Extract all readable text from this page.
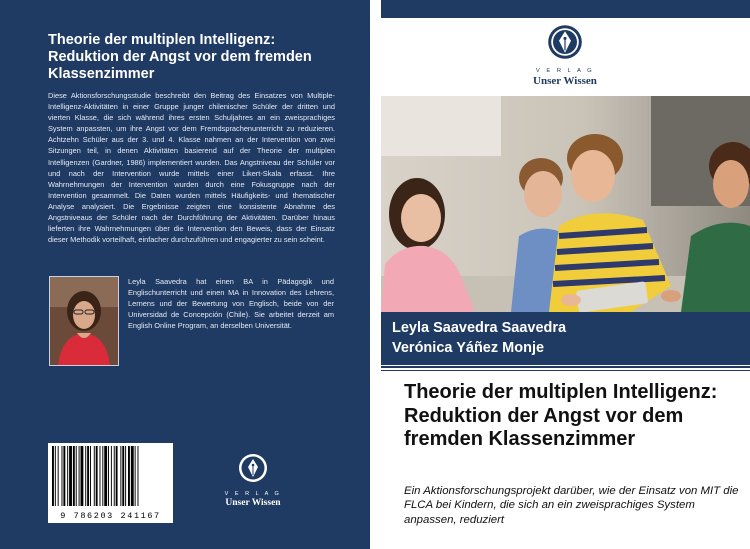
Theorie der multiplen Intelligenz: Reduktion der Angst vor dem fremden Klassenzimmer
Diese Aktionsforschungsstudie beschreibt den Beitrag des Einsatzes von Multiple-Intelligenz-Aktivitäten in einer Gruppe junger chilenischer Schüler der dritten und vierten Klasse, die sich während ihres ersten Schuljahres an ein zweisprachiges System anpassten, um ihre Angst vor dem Fremdsprachenunterricht zu reduzieren. Achtzehn Schüler aus der 3. und 4. Klasse nahmen an der Intervention von zwei Sitzungen teil, in denen Aktivitäten basierend auf der Theorie der multiplen Intelligenzen (Gardner, 1986) implementiert wurden. Das Angstniveau der Schüler vor und nach der Intervention wurde mittels einer Likert-Skala erfasst. Ihre Wahrnehmungen der Intervention wurden durch eine Fokusgruppe nach der Intervention gesammelt. Die Daten wurden mittels Häufigkeits- und thematischer Analyse analysiert. Die Ergebnisse zeigten eine konsistente Abnahme des Angstniveaus der Schüler nach der Durchführung der Aktivitäten. Darüber hinaus lieferten ihre Wahrnehmungen über die Intervention den Beweis, dass der Einsatz dieser Methodik vorteilhaft, einfacher durchzuführen und engagierter zu sein scheint.
Leyla Saavedra hat einen BA in Pädagogik und Englischunterricht und einen MA in Innovation des Lehrens, Lernens und der Bewertung von Englisch, beide von der Universidad de Concepción (Chile). Sie arbeitet derzeit am English Online Program, an derselben Universität.
9 786203 241167
V E R L A G
Unser Wissen
V E R L A G
Unser Wissen
Leyla Saavedra Saavedra
Verónica Yáñez Monje
Theorie der multiplen Intelligenz: Reduktion der Angst vor dem fremden Klassenzimmer
Ein Aktionsforschungsprojekt darüber, wie der Einsatz von MIT die FLCA bei Kindern, die sich an ein zweisprachiges System anpassen, reduziert
